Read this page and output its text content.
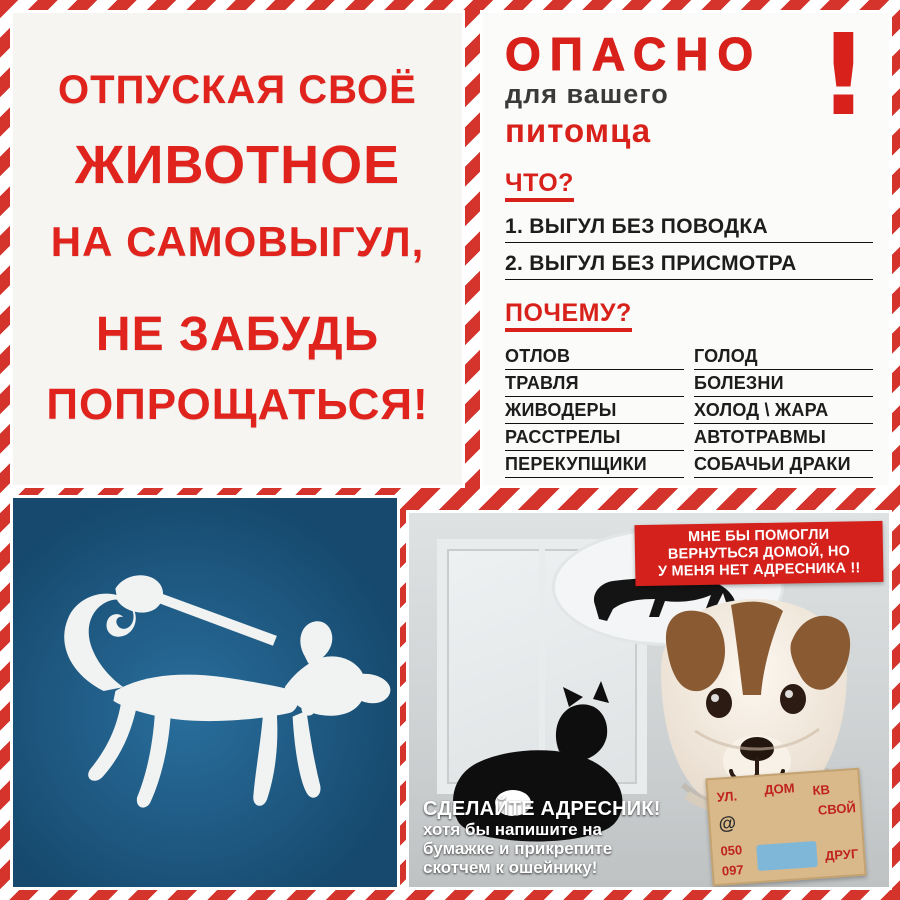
ОТПУСКАЯ СВОЁ
ЖИВОТНОЕ
НА САМОВЫГУЛ,
НЕ ЗАБУДЬ
ПОПРОЩАТЬСЯ!
ОПАСНО
для вашего
питомца	!
ЧТО?
1. ВЫГУЛ БЕЗ ПОВОДКА
2. ВЫГУЛ БЕЗ ПРИСМОТРА
ПОЧЕМУ?
ОТЛОВ	ГОЛОД
ТРАВЛЯ	БОЛЕЗНИ
ЖИВОДЕРЫ	ХОЛОД \ ЖАРА
РАССТРЕЛЫ	АВТОТРАВМЫ
ПЕРЕКУПЩИКИ	СОБАЧЬИ ДРАКИ
МНЕ БЫ ПОМОГЛИ
ВЕРНУТЬСЯ ДОМОЙ, НО
У МЕНЯ НЕТ АДРЕСНИКА !!
УЛ. ДОМ КВ
@
СВОЙ
050
097
ДРУГ
СДЕЛАЙТЕ АДРЕСНИК!
хотя бы напишите на
бумажке и прикрепите
скотчем к ошейнику!
